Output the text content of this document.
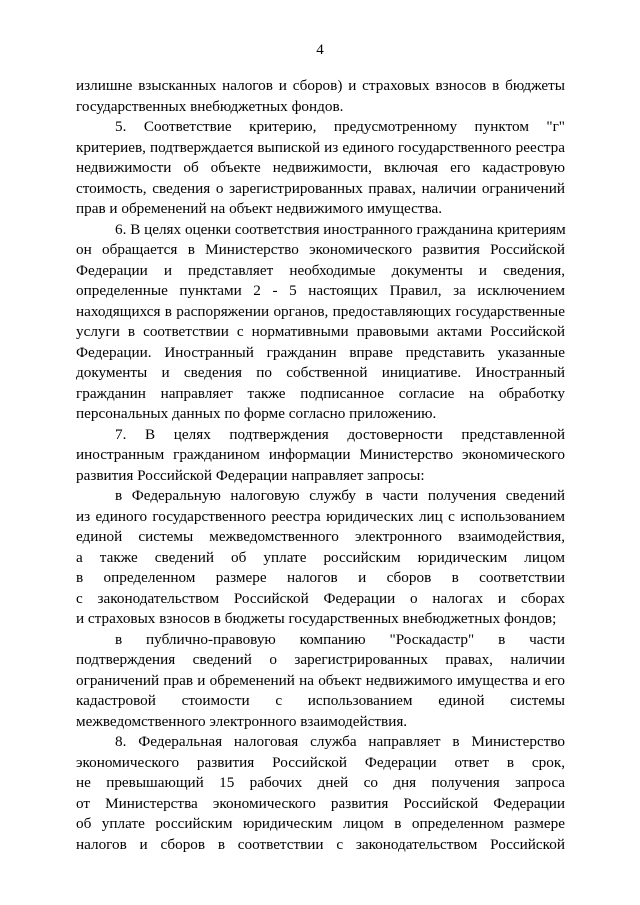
4
излишне взысканных налогов и сборов) и страховых взносов в бюджеты
государственных внебюджетных фондов.
5. Соответствие критерию, предусмотренному пунктом "г"
критериев, подтверждается выпиской из единого государственного реестра
недвижимости об объекте недвижимости, включая его кадастровую
стоимость, сведения о зарегистрированных правах, наличии ограничений
прав и обременений на объект недвижимого имущества.
6. В целях оценки соответствия иностранного гражданина критериям
он обращается в Министерство экономического развития Российской
Федерации и представляет необходимые документы и сведения,
определенные пунктами 2 - 5 настоящих Правил, за исключением
находящихся в распоряжении органов, предоставляющих государственные
услуги в соответствии с нормативными правовыми актами Российской
Федерации. Иностранный гражданин вправе представить указанные
документы и сведения по собственной инициативе. Иностранный
гражданин направляет также подписанное согласие на обработку
персональных данных по форме согласно приложению.
7. В целях подтверждения достоверности представленной
иностранным гражданином информации Министерство экономического
развития Российской Федерации направляет запросы:
в Федеральную налоговую службу в части получения сведений
из единого государственного реестра юридических лиц с использованием
единой системы межведомственного электронного взаимодействия,
а также сведений об уплате российским юридическим лицом
в определенном размере налогов и сборов в соответствии
с законодательством Российской Федерации о налогах и сборах
и страховых взносов в бюджеты государственных внебюджетных фондов;
в публично-правовую компанию "Роскадастр" в части
подтверждения сведений о зарегистрированных правах, наличии
ограничений прав и обременений на объект недвижимого имущества и его
кадастровой стоимости с использованием единой системы
межведомственного электронного взаимодействия.
8. Федеральная налоговая служба направляет в Министерство
экономического развития Российской Федерации ответ в срок,
не превышающий 15 рабочих дней со дня получения запроса
от Министерства экономического развития Российской Федерации
об уплате российским юридическим лицом в определенном размере
налогов и сборов в соответствии с законодательством Российской
